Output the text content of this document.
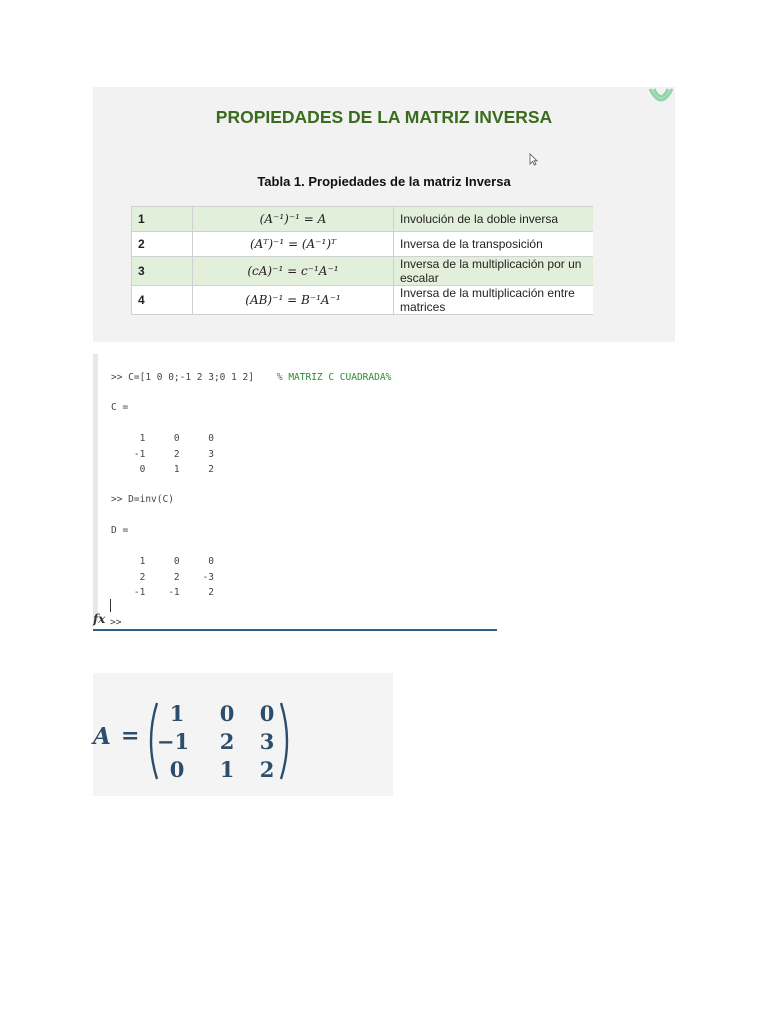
PROPIEDADES DE LA MATRIZ INVERSA
Tabla 1. Propiedades de la matriz Inversa
1	(A⁻¹)⁻¹ = A	Involución de la doble inversa
2	(Aᵀ)⁻¹ = (A⁻¹)ᵀ	Inversa de la transposición
3	(cA)⁻¹ = c⁻¹A⁻¹	Inversa de la multiplicación por un escalar
4	(AB)⁻¹ = B⁻¹A⁻¹	Inversa de la multiplicación entre matrices
>> C=[1 0 0;-1 2 3;0 1 2] % MATRIZ C CUADRADA%
C =
1     0     0
-1     2     3
0     1     2
>> D=inv(C)
D =
1     0     0
2     2    -3
-1    -1     2
fx >>
A =
1	0	0
−1	2	3
0	1	2
